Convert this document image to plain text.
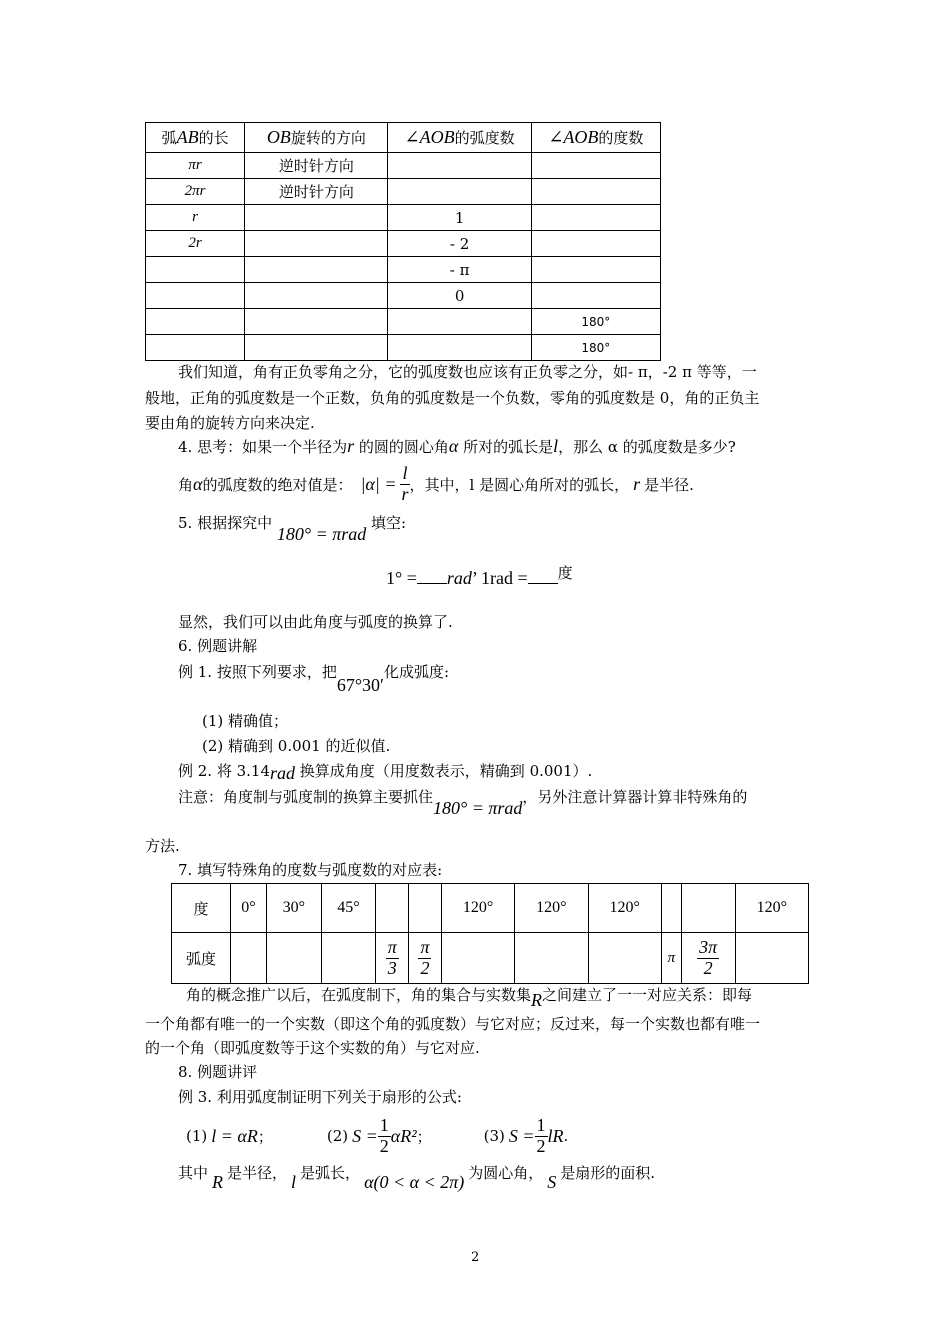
弧AB的长	OB旋转的方向	∠AOB的弧度数	∠AOB的度数
πr	逆时针方向		
2πr	逆时针方向		
r		1	
2r		- 2	
		- π	
		0	
			180°
			180°
我们知道，角有正负零角之分，它的弧度数也应该有正负零之分，如- π，-2 π 等等，一
般地，正角的弧度数是一个正数，负角的弧度数是一个负数，零角的弧度数是 0，角的正负主
要由角的旋转方向来决定.
4. 思考：如果一个半径为r 的圆的圆心角α 所对的弧长是l，那么 α 的弧度数是多少?
角 α 的弧度数的绝对值是： $|\alpha| = \frac{l}{r}$ ，其中，l 是圆心角所对的弧长， r 是半径.
5. 根据探究中 180° = πrad 填空:
1° = rad’ 1rad = 度
显然，我们可以由此角度与弧度的换算了.
6. 例题讲解
例 1. 按照下列要求，把67°30′化成弧度:
(1) 精确值；
(2) 精确到 0.001 的近似值.
例 2. 将 3.14rad 换算成角度（用度数表示，精确到 0.001）.
注意：角度制与弧度制的换算主要抓住180° = πrad，另外注意计算器计算非特殊角的
方法.
7. 填写特殊角的度数与弧度数的对应表:
度	0°	30°	45°			120°	120°	120°			120°
弧度				$\frac{\pi}{3}$	$\frac{\pi}{2}$				π	$\frac{3\pi}{2}$

角的概念推广以后，在弧度制下，角的集合与实数集R之间建立了一一对应关系：即每
一个角都有唯一的一个实数（即这个角的弧度数）与它对应；反过来，每一个实数也都有唯一
的一个角（即弧度数等于这个实数的角）与它对应.
8. 例题讲评
例 3. 利用弧度制证明下列关于扇形的公式:
(1) l = αR ；	(2) $S = \frac{1}{2} \alpha R^2$ ；	(3) $S = \frac{1}{2}$ lR .
其中 R 是半径， l 是弧长， α(0 < α < 2π) 为圆心角， S 是扇形的面积.
2
